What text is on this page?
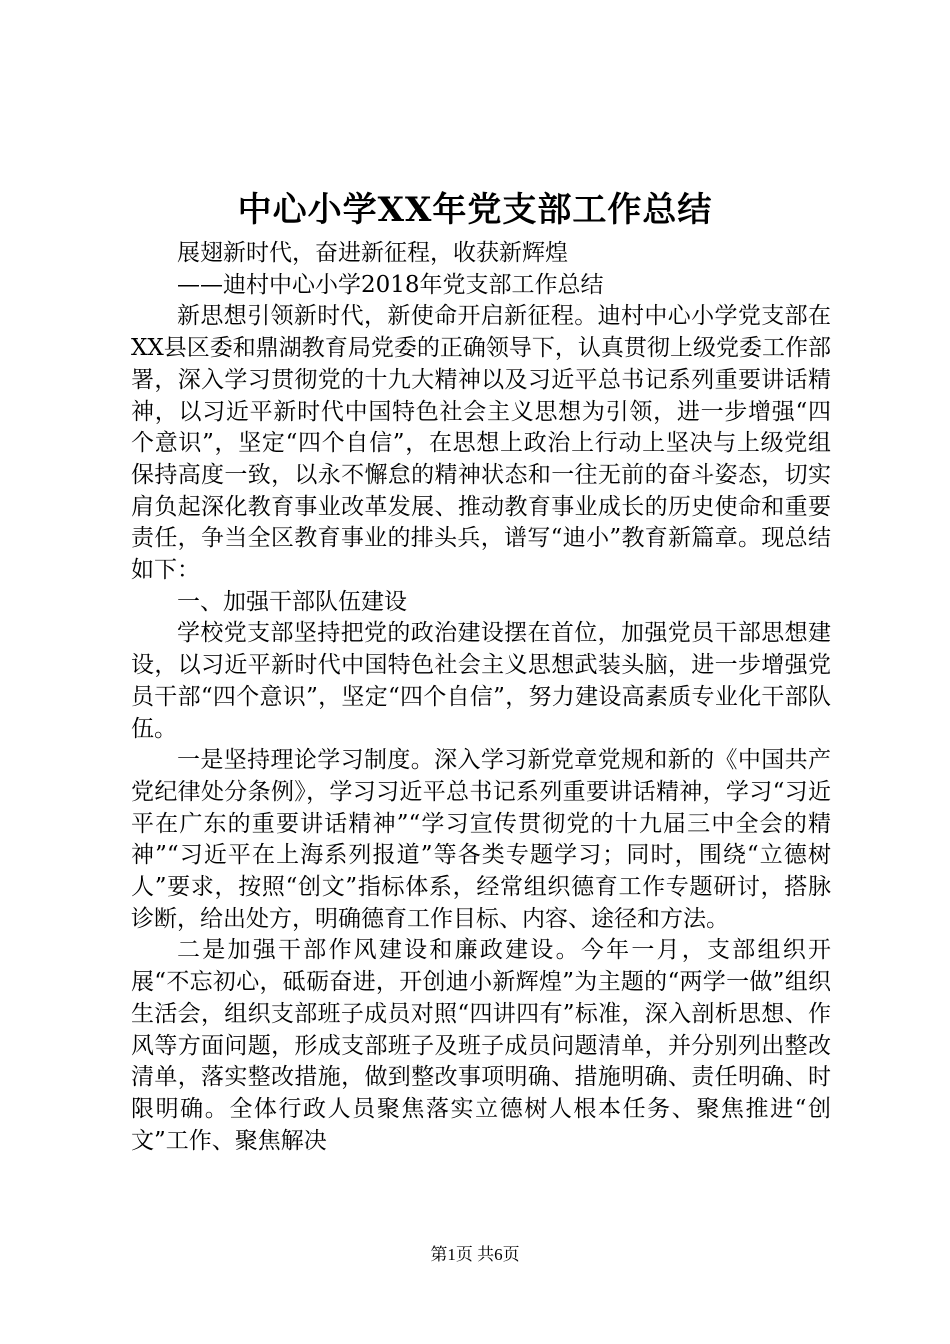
中心小学XX年党支部工作总结

展翅新时代，奋进新征程，收获新辉煌

——迪村中心小学2018年党支部工作总结

新思想引领新时代，新使命开启新征程。迪村中心小学党支部在XX县区委和鼎湖教育局党委的正确领导下，认真贯彻上级党委工作部署，深入学习贯彻党的十九大精神以及习近平总书记系列重要讲话精神，以习近平新时代中国特色社会主义思想为引领，进一步增强“四个意识”，坚定“四个自信”，在思想上政治上行动上坚决与上级党组保持高度一致，以永不懈怠的精神状态和一往无前的奋斗姿态，切实肩负起深化教育事业改革发展、推动教育事业成长的历史使命和重要责任，争当全区教育事业的排头兵，谱写“迪小”教育新篇章。现总结如下：

一、加强干部队伍建设

学校党支部坚持把党的政治建设摆在首位，加强党员干部思想建设，以习近平新时代中国特色社会主义思想武装头脑，进一步增强党员干部“四个意识”，坚定“四个自信”，努力建设高素质专业化干部队伍。

一是坚持理论学习制度。深入学习新党章党规和新的《中国共产党纪律处分条例》，学习习近平总书记系列重要讲话精神，学习“习近平在广东的重要讲话精神”“学习宣传贯彻党的十九届三中全会的精神”“习近平在上海系列报道”等各类专题学习；同时，围绕“立德树人”要求，按照“创文”指标体系，经常组织德育工作专题研讨，搭脉诊断，给出处方，明确德育工作目标、内容、途径和方法。

二是加强干部作风建设和廉政建设。今年一月，支部组织开展“不忘初心，砥砺奋进，开创迪小新辉煌”为主题的“两学一做”组织生活会，组织支部班子成员对照“四讲四有”标准，深入剖析思想、作风等方面问题，形成支部班子及班子成员问题清单，并分别列出整改清单，落实整改措施，做到整改事项明确、措施明确、责任明确、时限明确。全体行政人员聚焦落实立德树人根本任务、聚焦推进“创文”工作、聚焦解决

第1页 共6页
